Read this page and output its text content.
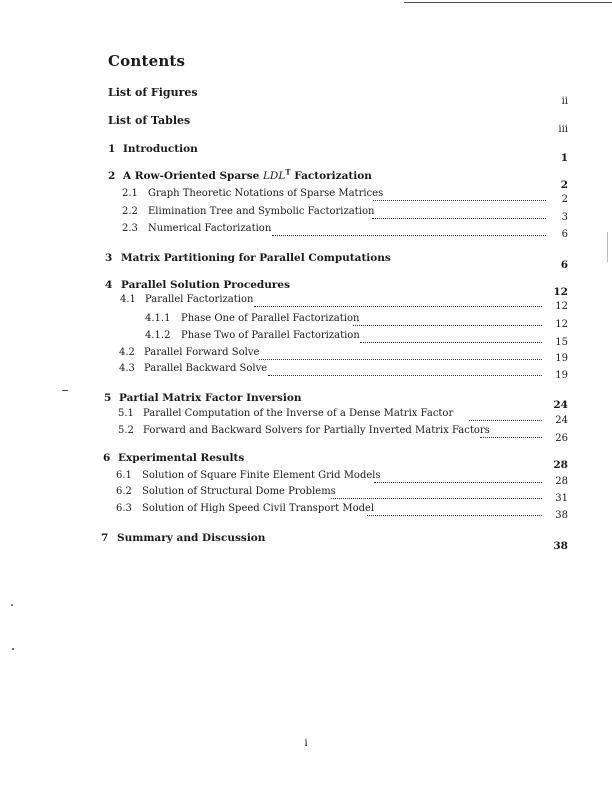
Contents
List of Figures
ii
List of Tables
iii
1 Introduction
1
2 A Row-Oriented Sparse $LDL^T$ Factorization
2
2.1 Graph Theoretic Notations of Sparse Matrices
2
2.2 Elimination Tree and Symbolic Factorization
3
2.3 Numerical Factorization
6
3 Matrix Partitioning for Parallel Computations
6
4 Parallel Solution Procedures
12
4.1 Parallel Factorization
12
4.1.1 Phase One of Parallel Factorization
12
4.1.2 Phase Two of Parallel Factorization
15
4.2 Parallel Forward Solve
19
4.3 Parallel Backward Solve
19
5 Partial Matrix Factor Inversion
24
5.1 Parallel Computation of the Inverse of a Dense Matrix Factor
24
5.2 Forward and Backward Solvers for Partially Inverted Matrix Factors
26
6 Experimental Results
28
6.1 Solution of Square Finite Element Grid Models
28
6.2 Solution of Structural Dome Problems
31
6.3 Solution of High Speed Civil Transport Model
38
7 Summary and Discussion
38
i
